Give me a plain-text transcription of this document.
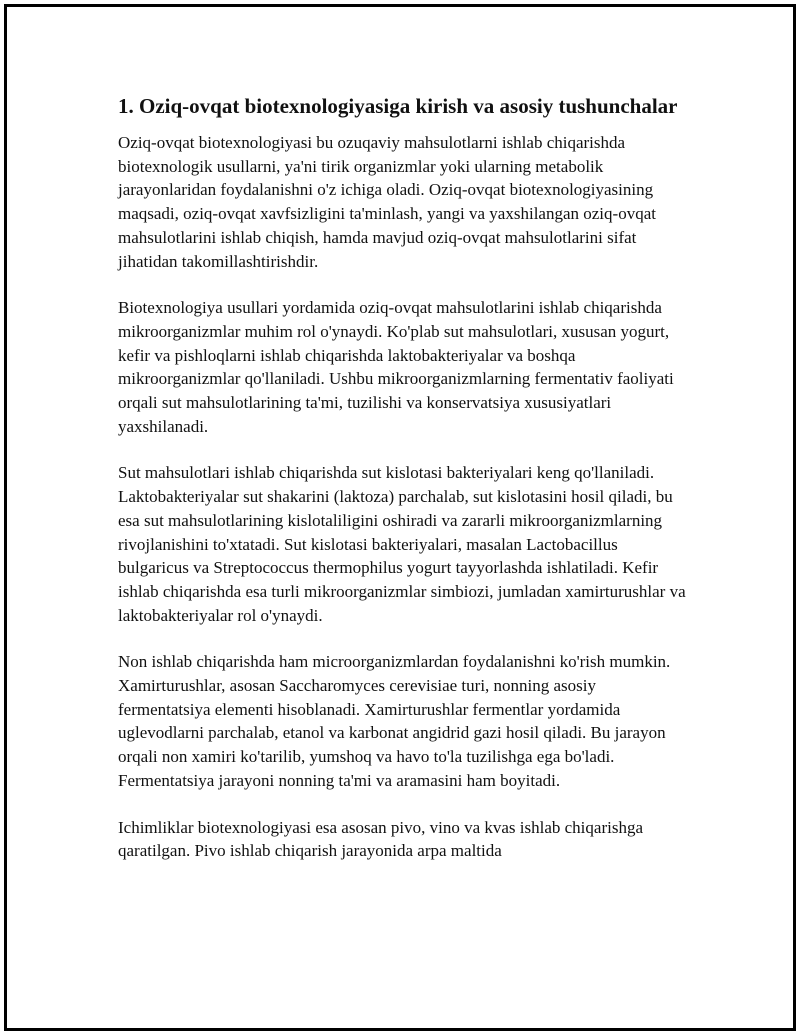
1. Oziq-ovqat biotexnologiyasiga kirish va asosiy tushunchalar

Oziq-ovqat biotexnologiyasi bu ozuqaviy mahsulotlarni ishlab chiqarishda biotexnologik usullarni, ya'ni tirik organizmlar yoki ularning metabolik jarayonlaridan foydalanishni o'z ichiga oladi. Oziq-ovqat biotexnologiyasining maqsadi, oziq-ovqat xavfsizligini ta'minlash, yangi va yaxshilangan oziq-ovqat mahsulotlarini ishlab chiqish, hamda mavjud oziq-ovqat mahsulotlarini sifat jihatidan takomillashtirishdir.

Biotexnologiya usullari yordamida oziq-ovqat mahsulotlarini ishlab chiqarishda mikroorganizmlar muhim rol o'ynaydi. Ko'plab sut mahsulotlari, xususan yogurt, kefir va pishloqlarni ishlab chiqarishda laktobakteriyalar va boshqa mikroorganizmlar qo'llaniladi. Ushbu mikroorganizmlarning fermentativ faoliyati orqali sut mahsulotlarining ta'mi, tuzilishi va konservatsiya xususiyatlari yaxshilanadi.

Sut mahsulotlari ishlab chiqarishda sut kislotasi bakteriyalari keng qo'llaniladi. Laktobakteriyalar sut shakarini (laktoza) parchalab, sut kislotasini hosil qiladi, bu esa sut mahsulotlarining kislotaliligini oshiradi va zararli mikroorganizmlarning rivojlanishini to'xtatadi. Sut kislotasi bakteriyalari, masalan Lactobacillus bulgaricus va Streptococcus thermophilus yogurt tayyorlashda ishlatiladi. Kefir ishlab chiqarishda esa turli mikroorganizmlar simbiozi, jumladan xamirturushlar va laktobakteriyalar rol o'ynaydi.

Non ishlab chiqarishda ham microorganizmlardan foydalanishni ko'rish mumkin. Xamirturushlar, asosan Saccharomyces cerevisiae turi, nonning asosiy fermentatsiya elementi hisoblanadi. Xamirturushlar fermentlar yordamida uglevodlarni parchalab, etanol va karbonat angidrid gazi hosil qiladi. Bu jarayon orqali non xamiri ko'tarilib, yumshoq va havo to'la tuzilishga ega bo'ladi. Fermentatsiya jarayoni nonning ta'mi va aramasini ham boyitadi.

Ichimliklar biotexnologiyasi esa asosan pivo, vino va kvas ishlab chiqarishga qaratilgan. Pivo ishlab chiqarish jarayonida arpa maltida
